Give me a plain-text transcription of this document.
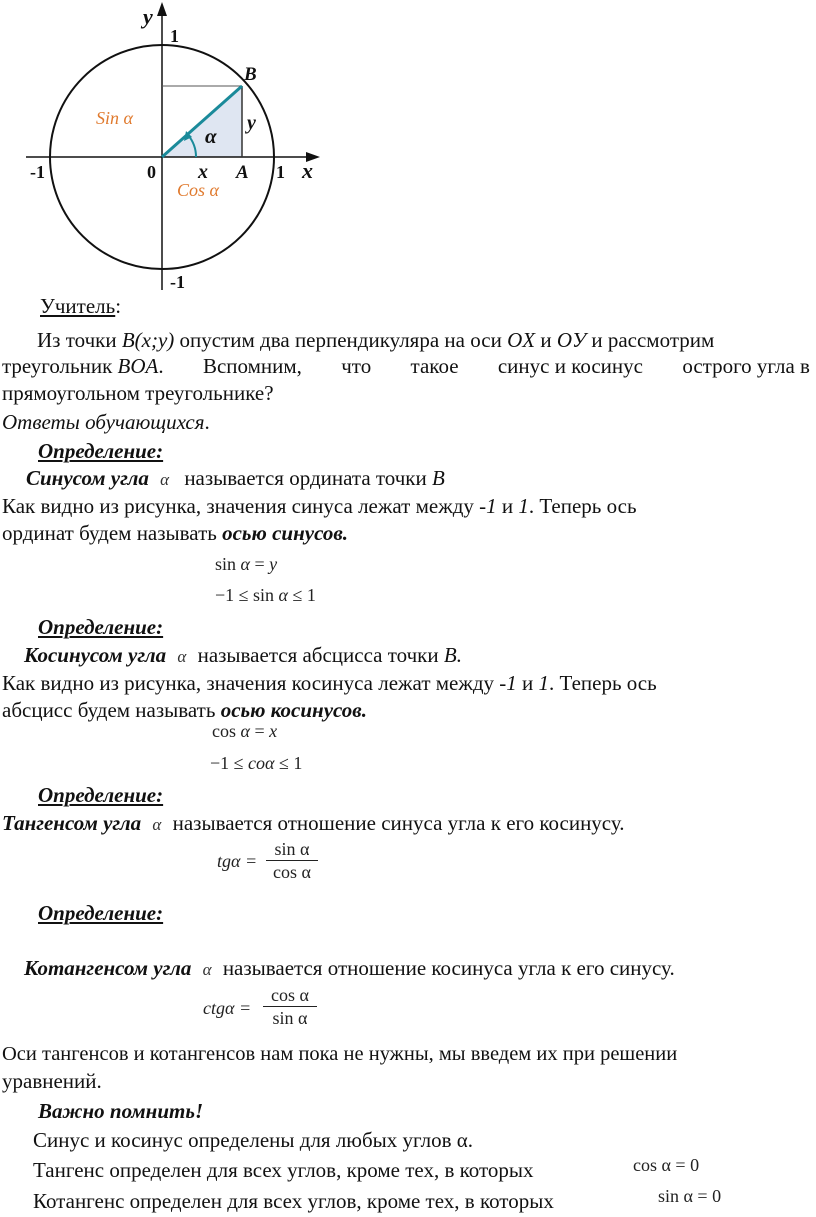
y
1
B
Sin α	y
α
-1	0 x A 1 x
Cos α
-1
Учитель:
Из точки B(x;y) опустим два перпендикуляра на оси OX и OУ и рассмотрим
треугольник BOA. Вспомним, что такое синус и косинус острого угла в
прямоугольном треугольнике?
Ответы обучающихся.
Определение:
Синусом угла α называется ордината точки B
Как видно из рисунка, значения синуса лежат между -1 и 1. Теперь ось
ординат будем называть осью синусов.
sin α = y
−1 ≤ sin α ≤ 1
Определение:
Косинусом угла α называется абсцисса точки B.
Как видно из рисунка, значения косинуса лежат между -1 и 1. Теперь ось
абсцисс будем называть осью косинусов.
cos α = x
−1 ≤ coα ≤ 1
Определение:
Тангенсом угла α называется отношение синуса угла к его косинусу.
tgα =
sin α
cos α
Определение:
Котангенсом угла α называется отношение косинуса угла к его синусу.
ctgα =
cos α
sin α
Оси тангенсов и котангенсов нам пока не нужны, мы введем их при решении
уравнений.
Важно помнить!
Синус и косинус определены для любых углов α.
Тангенс определен для всех углов, кроме тех, в которых	cos α = 0
Котангенс определен для всех углов, кроме тех, в которых	sin α = 0
